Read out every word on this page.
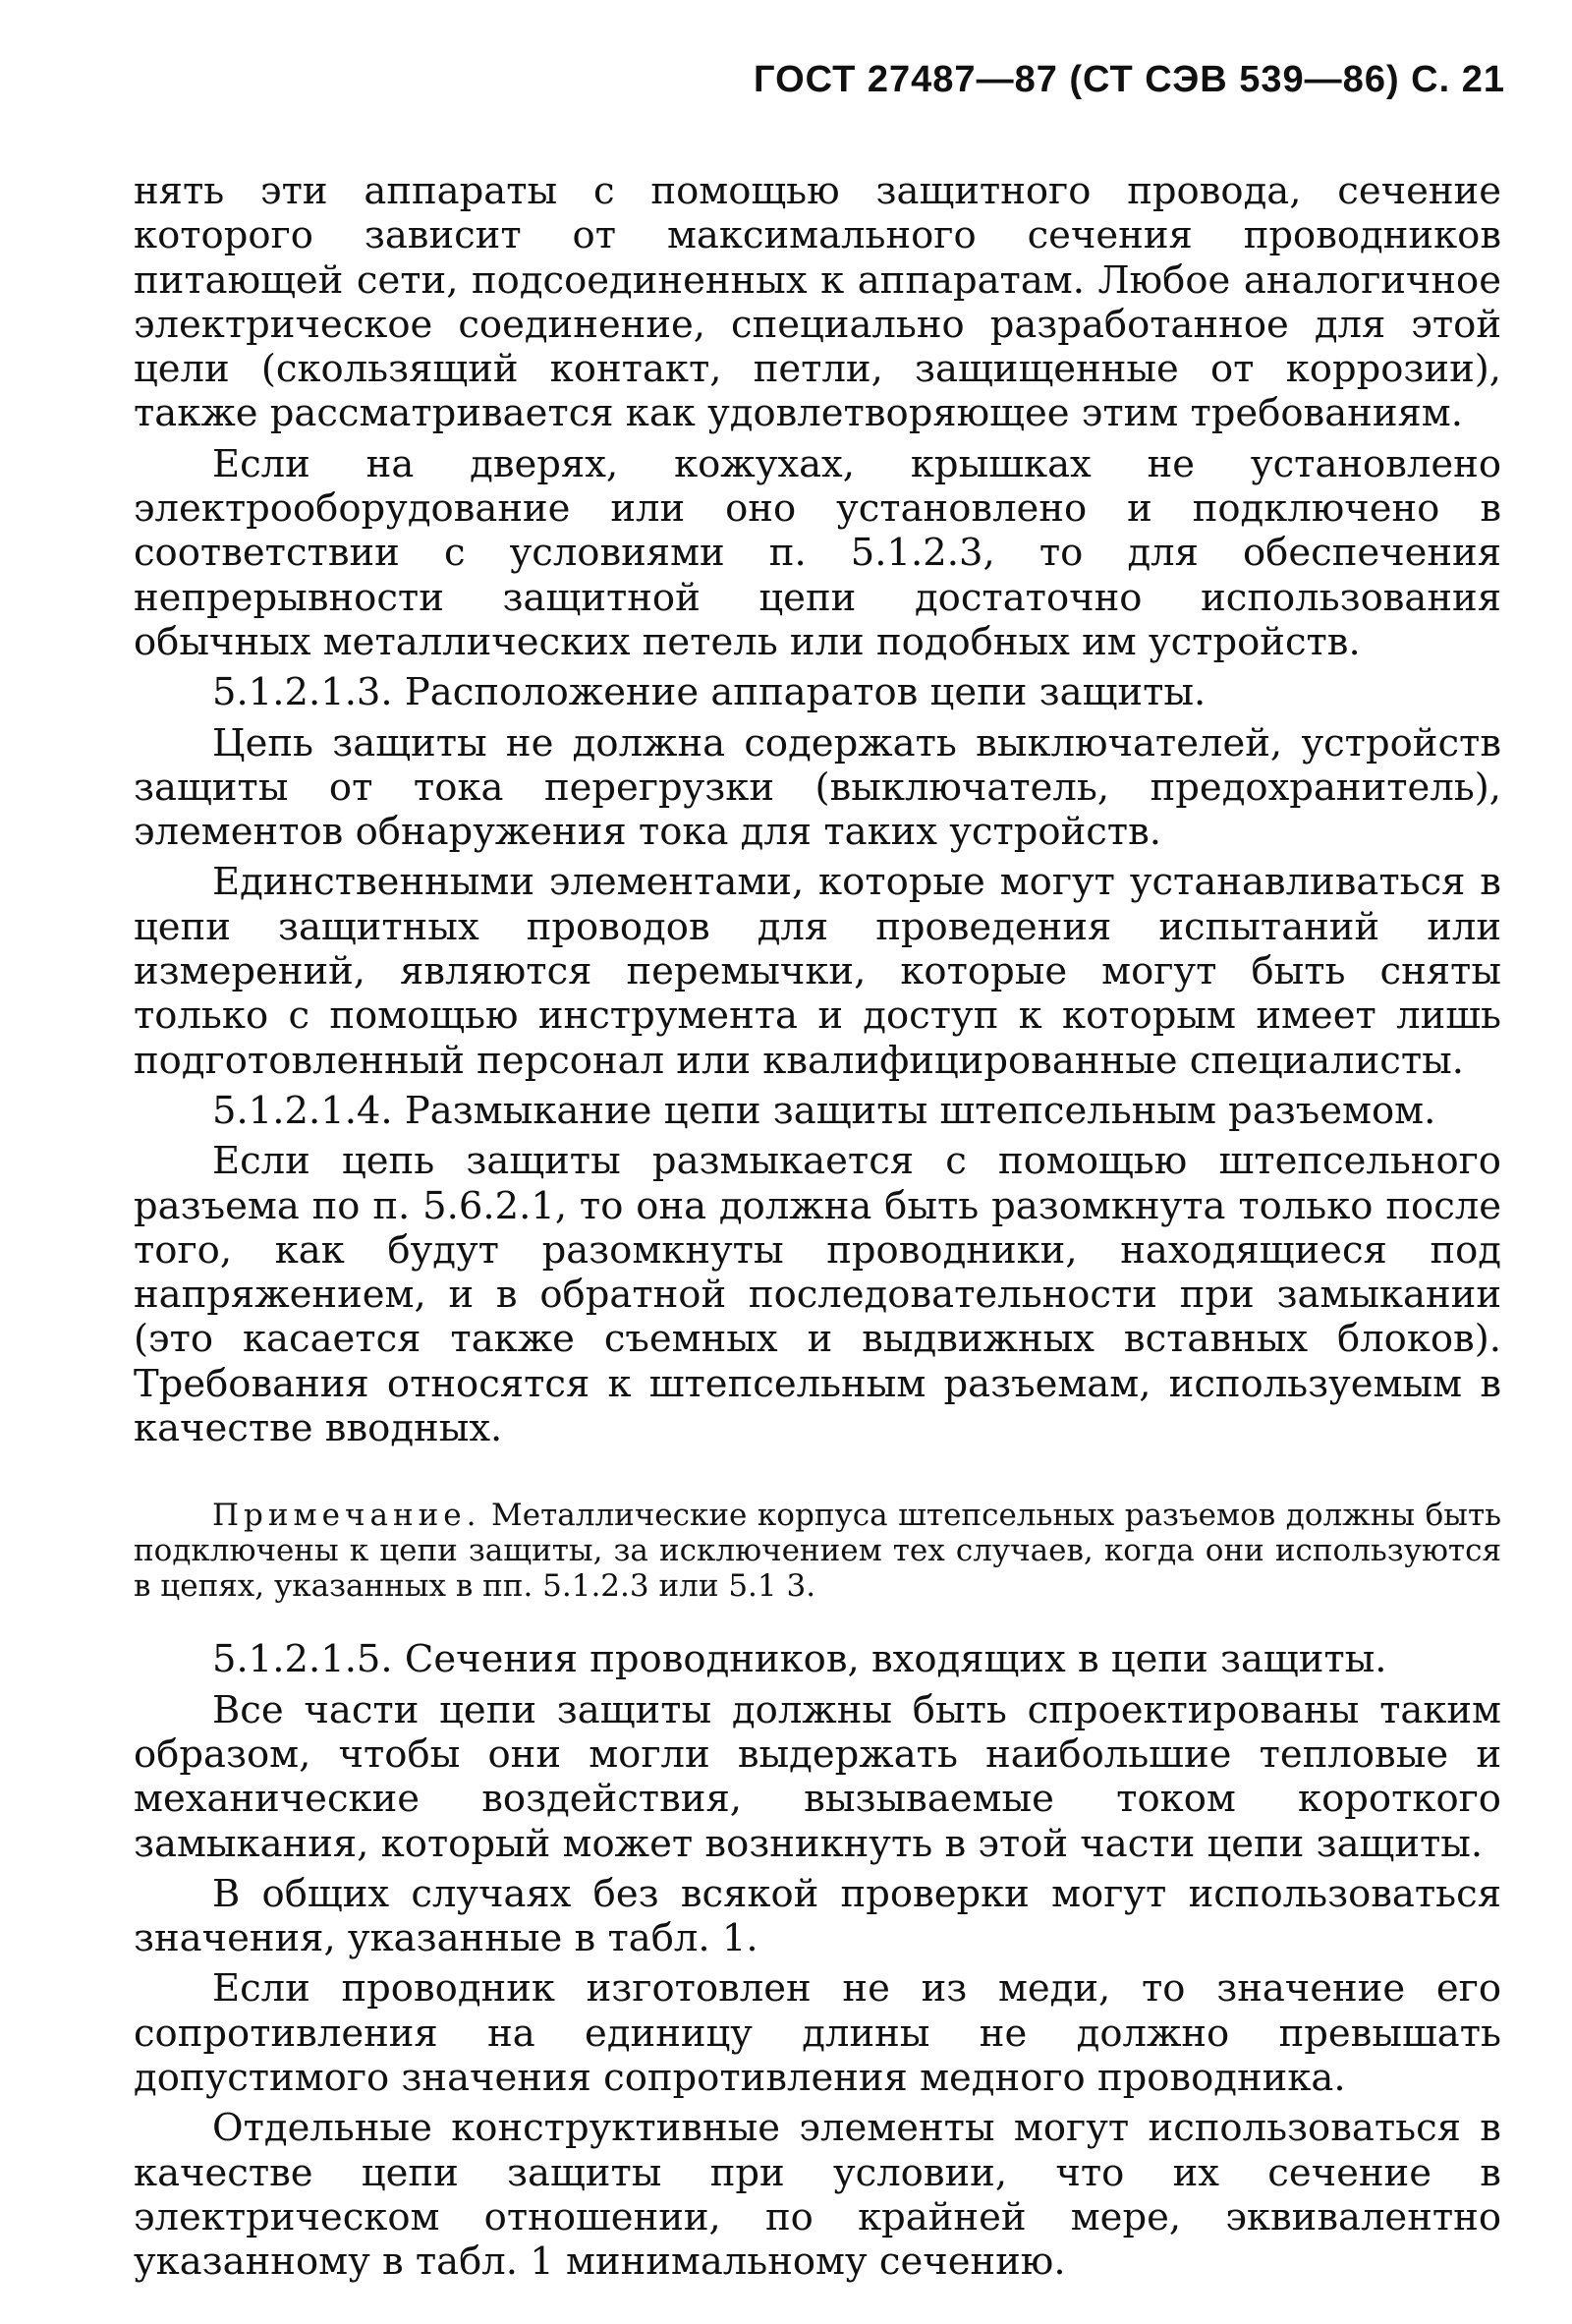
ГОСТ 27487—87 (СТ СЭВ 539—86) С. 21

нять эти аппараты с помощью защитного провода, сечение которого зависит от максимального сечения проводников питающей сети, подсоединенных к аппаратам. Любое аналогичное электрическое соединение, специально разработанное для этой цели (скользящий контакт, петли, защищенные от коррозии), также рассматривается как удовлетворяющее этим требованиям.

Если на дверях, кожухах, крышках не установлено электрооборудование или оно установлено и подключено в соответствии с условиями п. 5.1.2.3, то для обеспечения непрерывности защитной цепи достаточно использования обычных металлических петель или подобных им устройств.

5.1.2.1.3. Расположение аппаратов цепи защиты.

Цепь защиты не должна содержать выключателей, устройств защиты от тока перегрузки (выключатель, предохранитель), элементов обнаружения тока для таких устройств.

Единственными элементами, которые могут устанавливаться в цепи защитных проводов для проведения испытаний или измерений, являются перемычки, которые могут быть сняты только с помощью инструмента и доступ к которым имеет лишь подготовленный персонал или квалифицированные специалисты.

5.1.2.1.4. Размыкание цепи защиты штепсельным разъемом.

Если цепь защиты размыкается с помощью штепсельного разъема по п. 5.6.2.1, то она должна быть разомкнута только после того, как будут разомкнуты проводники, находящиеся под напряжением, и в обратной последовательности при замыкании (это касается также съемных и выдвижных вставных блоков). Требования относятся к штепсельным разъемам, используемым в качестве вводных.

Примечание. Металлические корпуса штепсельных разъемов должны быть подключены к цепи защиты, за исключением тех случаев, когда они используются в цепях, указанных в пп. 5.1.2.3 или 5.1 3.

5.1.2.1.5. Сечения проводников, входящих в цепи защиты.

Все части цепи защиты должны быть спроектированы таким образом, чтобы они могли выдержать наибольшие тепловые и механические воздействия, вызываемые током короткого замыкания, который может возникнуть в этой части цепи защиты.

В общих случаях без всякой проверки могут использоваться значения, указанные в табл. 1.

Если проводник изготовлен не из меди, то значение его сопротивления на единицу длины не должно превышать допустимого значения сопротивления медного проводника.

Отдельные конструктивные элементы могут использоваться в качестве цепи защиты при условии, что их сечение в электрическом отношении, по крайней мере, эквивалентно указанному в табл. 1 минимальному сечению.
